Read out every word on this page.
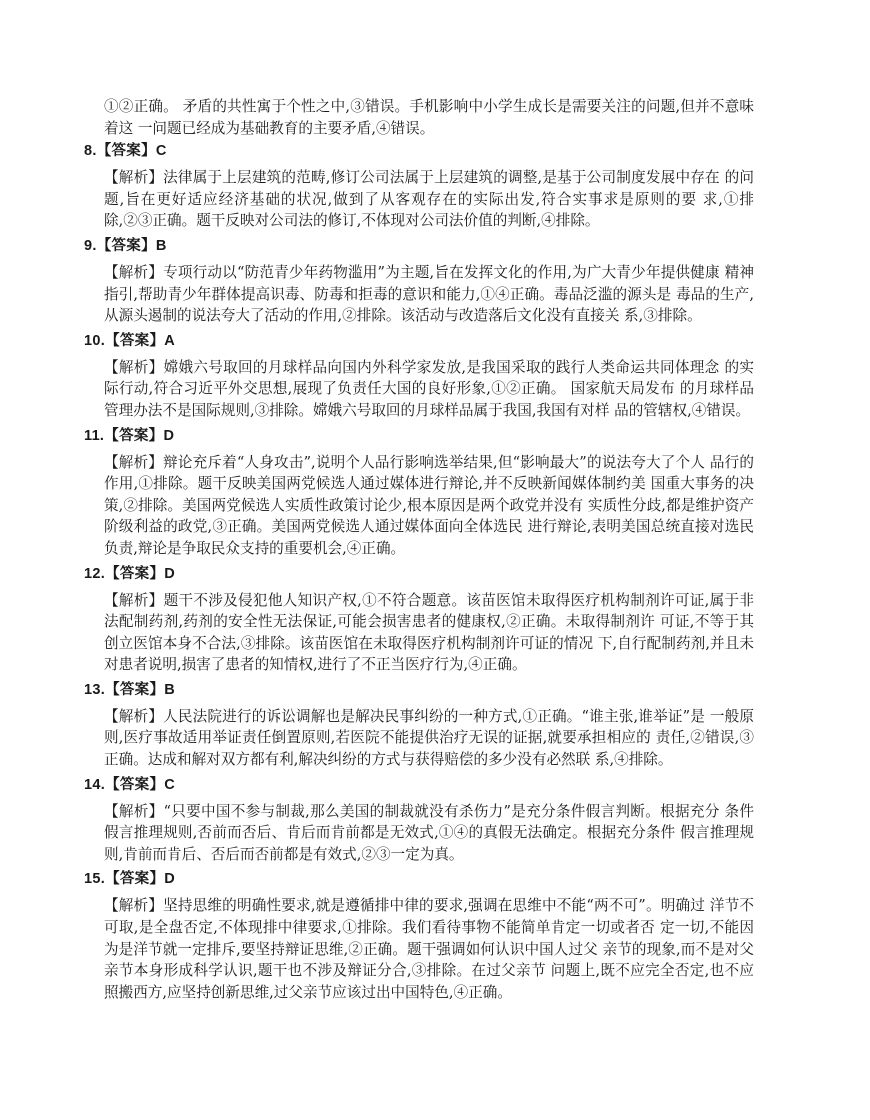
①②正确。 矛盾的共性寓于个性之中,③错误。手机影响中小学生成长是需要关注的问题,但并不意味着这 一问题已经成为基础教育的主要矛盾,④错误。

8.【答案】C

【解析】法律属于上层建筑的范畴,修订公司法属于上层建筑的调整,是基于公司制度发展中存在 的问题,旨在更好适应经济基础的状况,做到了从客观存在的实际出发,符合实事求是原则的要 求,①排除,②③正确。题干反映对公司法的修订,不体现对公司法价值的判断,④排除。

9.【答案】B

【解析】专项行动以“防范青少年药物滥用”为主题,旨在发挥文化的作用,为广大青少年提供健康 精神指引,帮助青少年群体提高识毒、防毒和拒毒的意识和能力,①④正确。毒品泛滥的源头是 毒品的生产,从源头遏制的说法夸大了活动的作用,②排除。该活动与改造落后文化没有直接关 系,③排除。

10.【答案】A

【解析】嫦娥六号取回的月球样品向国内外科学家发放,是我国采取的践行人类命运共同体理念 的实际行动,符合习近平外交思想,展现了负责任大国的良好形象,①②正确。 国家航天局发布 的月球样品管理办法不是国际规则,③排除。嫦娥六号取回的月球样品属于我国,我国有对样 品的管辖权,④错误。

11.【答案】D

【解析】辩论充斥着“人身攻击”,说明个人品行影响选举结果,但“影响最大”的说法夸大了个人 品行的作用,①排除。题干反映美国两党候选人通过媒体进行辩论,并不反映新闻媒体制约美 国重大事务的决策,②排除。美国两党候选人实质性政策讨论少,根本原因是两个政党并没有 实质性分歧,都是维护资产阶级利益的政党,③正确。美国两党候选人通过媒体面向全体选民 进行辩论,表明美国总统直接对选民负责,辩论是争取民众支持的重要机会,④正确。

12.【答案】D

【解析】题干不涉及侵犯他人知识产权,①不符合题意。该苗医馆未取得医疗机构制剂许可证,属于非法配制药剂,药剂的安全性无法保证,可能会损害患者的健康权,②正确。未取得制剂许 可证,不等于其创立医馆本身不合法,③排除。该苗医馆在未取得医疗机构制剂许可证的情况 下,自行配制药剂,并且未对患者说明,损害了患者的知情权,进行了不正当医疗行为,④正确。

13.【答案】B

【解析】人民法院进行的诉讼调解也是解决民事纠纷的一种方式,①正确。“谁主张,谁举证”是 一般原则,医疗事故适用举证责任倒置原则,若医院不能提供治疗无误的证据,就要承担相应的 责任,②错误,③正确。达成和解对双方都有利,解决纠纷的方式与获得赔偿的多少没有必然联 系,④排除。

14.【答案】C

【解析】“只要中国不参与制裁,那么美国的制裁就没有杀伤力”是充分条件假言判断。根据充分 条件假言推理规则,否前而否后、肯后而肯前都是无效式,①④的真假无法确定。根据充分条件 假言推理规则,肯前而肯后、否后而否前都是有效式,②③一定为真。

15.【答案】D

【解析】坚持思维的明确性要求,就是遵循排中律的要求,强调在思维中不能“两不可”。明确过 洋节不可取,是全盘否定,不体现排中律要求,①排除。我们看待事物不能简单肯定一切或者否 定一切,不能因为是洋节就一定排斥,要坚持辩证思维,②正确。题干强调如何认识中国人过父 亲节的现象,而不是对父亲节本身形成科学认识,题干也不涉及辩证分合,③排除。在过父亲节 问题上,既不应完全否定,也不应照搬西方,应坚持创新思维,过父亲节应该过出中国特色,④正确。
